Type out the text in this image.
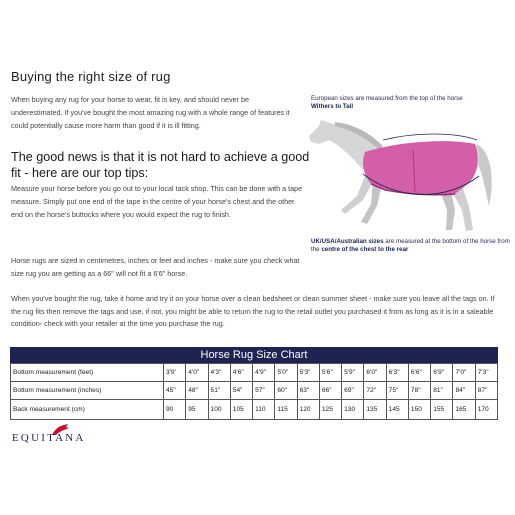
Buying the right size of rug
When buying any rug for your horse to wear, fit is key, and should never be underestimated. If you've bought the most amazing rug with a whole range of features it could potentially cause more harm than good if it is ill fitting.
The good news is that it is not hard to achieve a good fit - here are our top tips:
Measure your horse before you go out to your local tack shop. This can be done with a tape measure. Simply put one end of the tape in the centre of your horse's chest and the other end on the horse's buttocks where you would expect the rug to finish.
Horse rugs are sized in centimetres, inches or feet and inches - make sure you check what size rug you are getting as a 66" will not fit a 6'6" horse.
European sizes are measured from the top of the horse
Withers to Tail
UK/USA/Australian sizes are measured at the bottom of the horse from the centre of the chest to the rear
When you've bought the rug, take it home and try it on your horse over a clean bedsheet or clean summer sheet - make sure you leave all the tags on. If the rug fits then remove the tags and use, if not, you might be able to return the rug to the retail outlet you purchased it from as long as it is in a saleable condition- check with your retailer at the time you purchase the rug.
Horse Rug Size Chart
Bottom measurement (feet)	3'9'	4'0"	4'3"	4'6"	4'9"	5'0"	5'3"	5'6"	5'9"	6'0"	6'3"	6'6"	6'9"	7'0"	7'3"
Bottom measurement (inches)	45"	48"	51"	54"	57"	60"	63"	66"	69"	72"	75"	78"	81"	84"	87"
Back measurement (cm)	90	95	100	105	110	115	120	125	130	135	145	150	155	165	170
EQUITANA
